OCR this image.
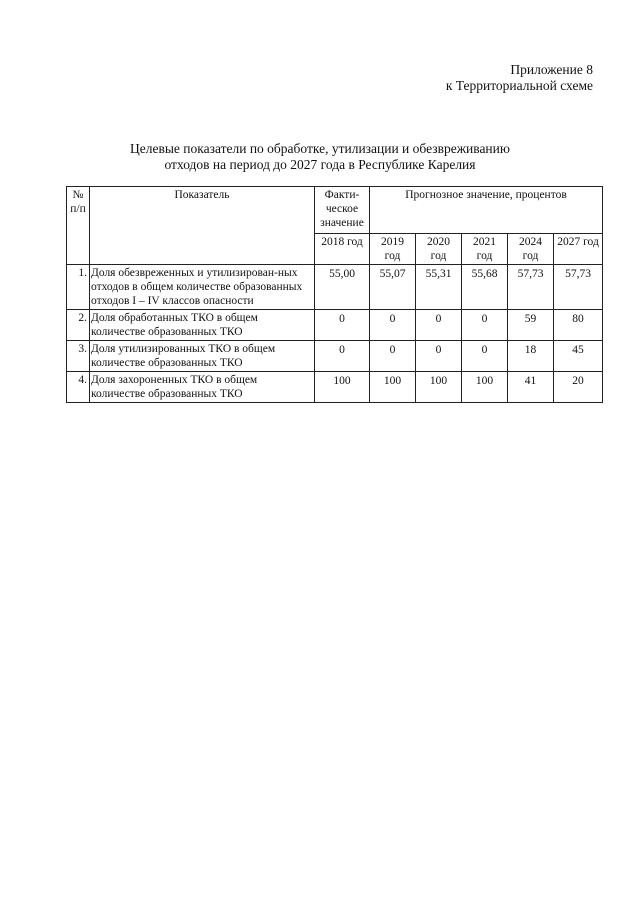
Приложение 8
к Территориальной схеме
Целевые показатели по обработке, утилизации и обезвреживанию
отходов на период до 2027 года в Республике Карелия
№ п/п	Показатель	Факти-ческое значение	Прогнозное значение, процентов				
		2018 год	2019 год	2020 год	2021 год	2024 год	2027 год
1.	Доля обезвреженных и утилизирован-ных отходов в общем количестве образованных отходов I – IV классов опасности	55,00	55,07	55,31	55,68	57,73	57,73
2.	Доля обработанных ТКО в общем количестве образованных ТКО	0	0	0	0	59	80
3.	Доля утилизированных ТКО в общем количестве образованных ТКО	0	0	0	0	18	45
4.	Доля захороненных ТКО в общем количестве образованных ТКО	100	100	100	100	41	20
